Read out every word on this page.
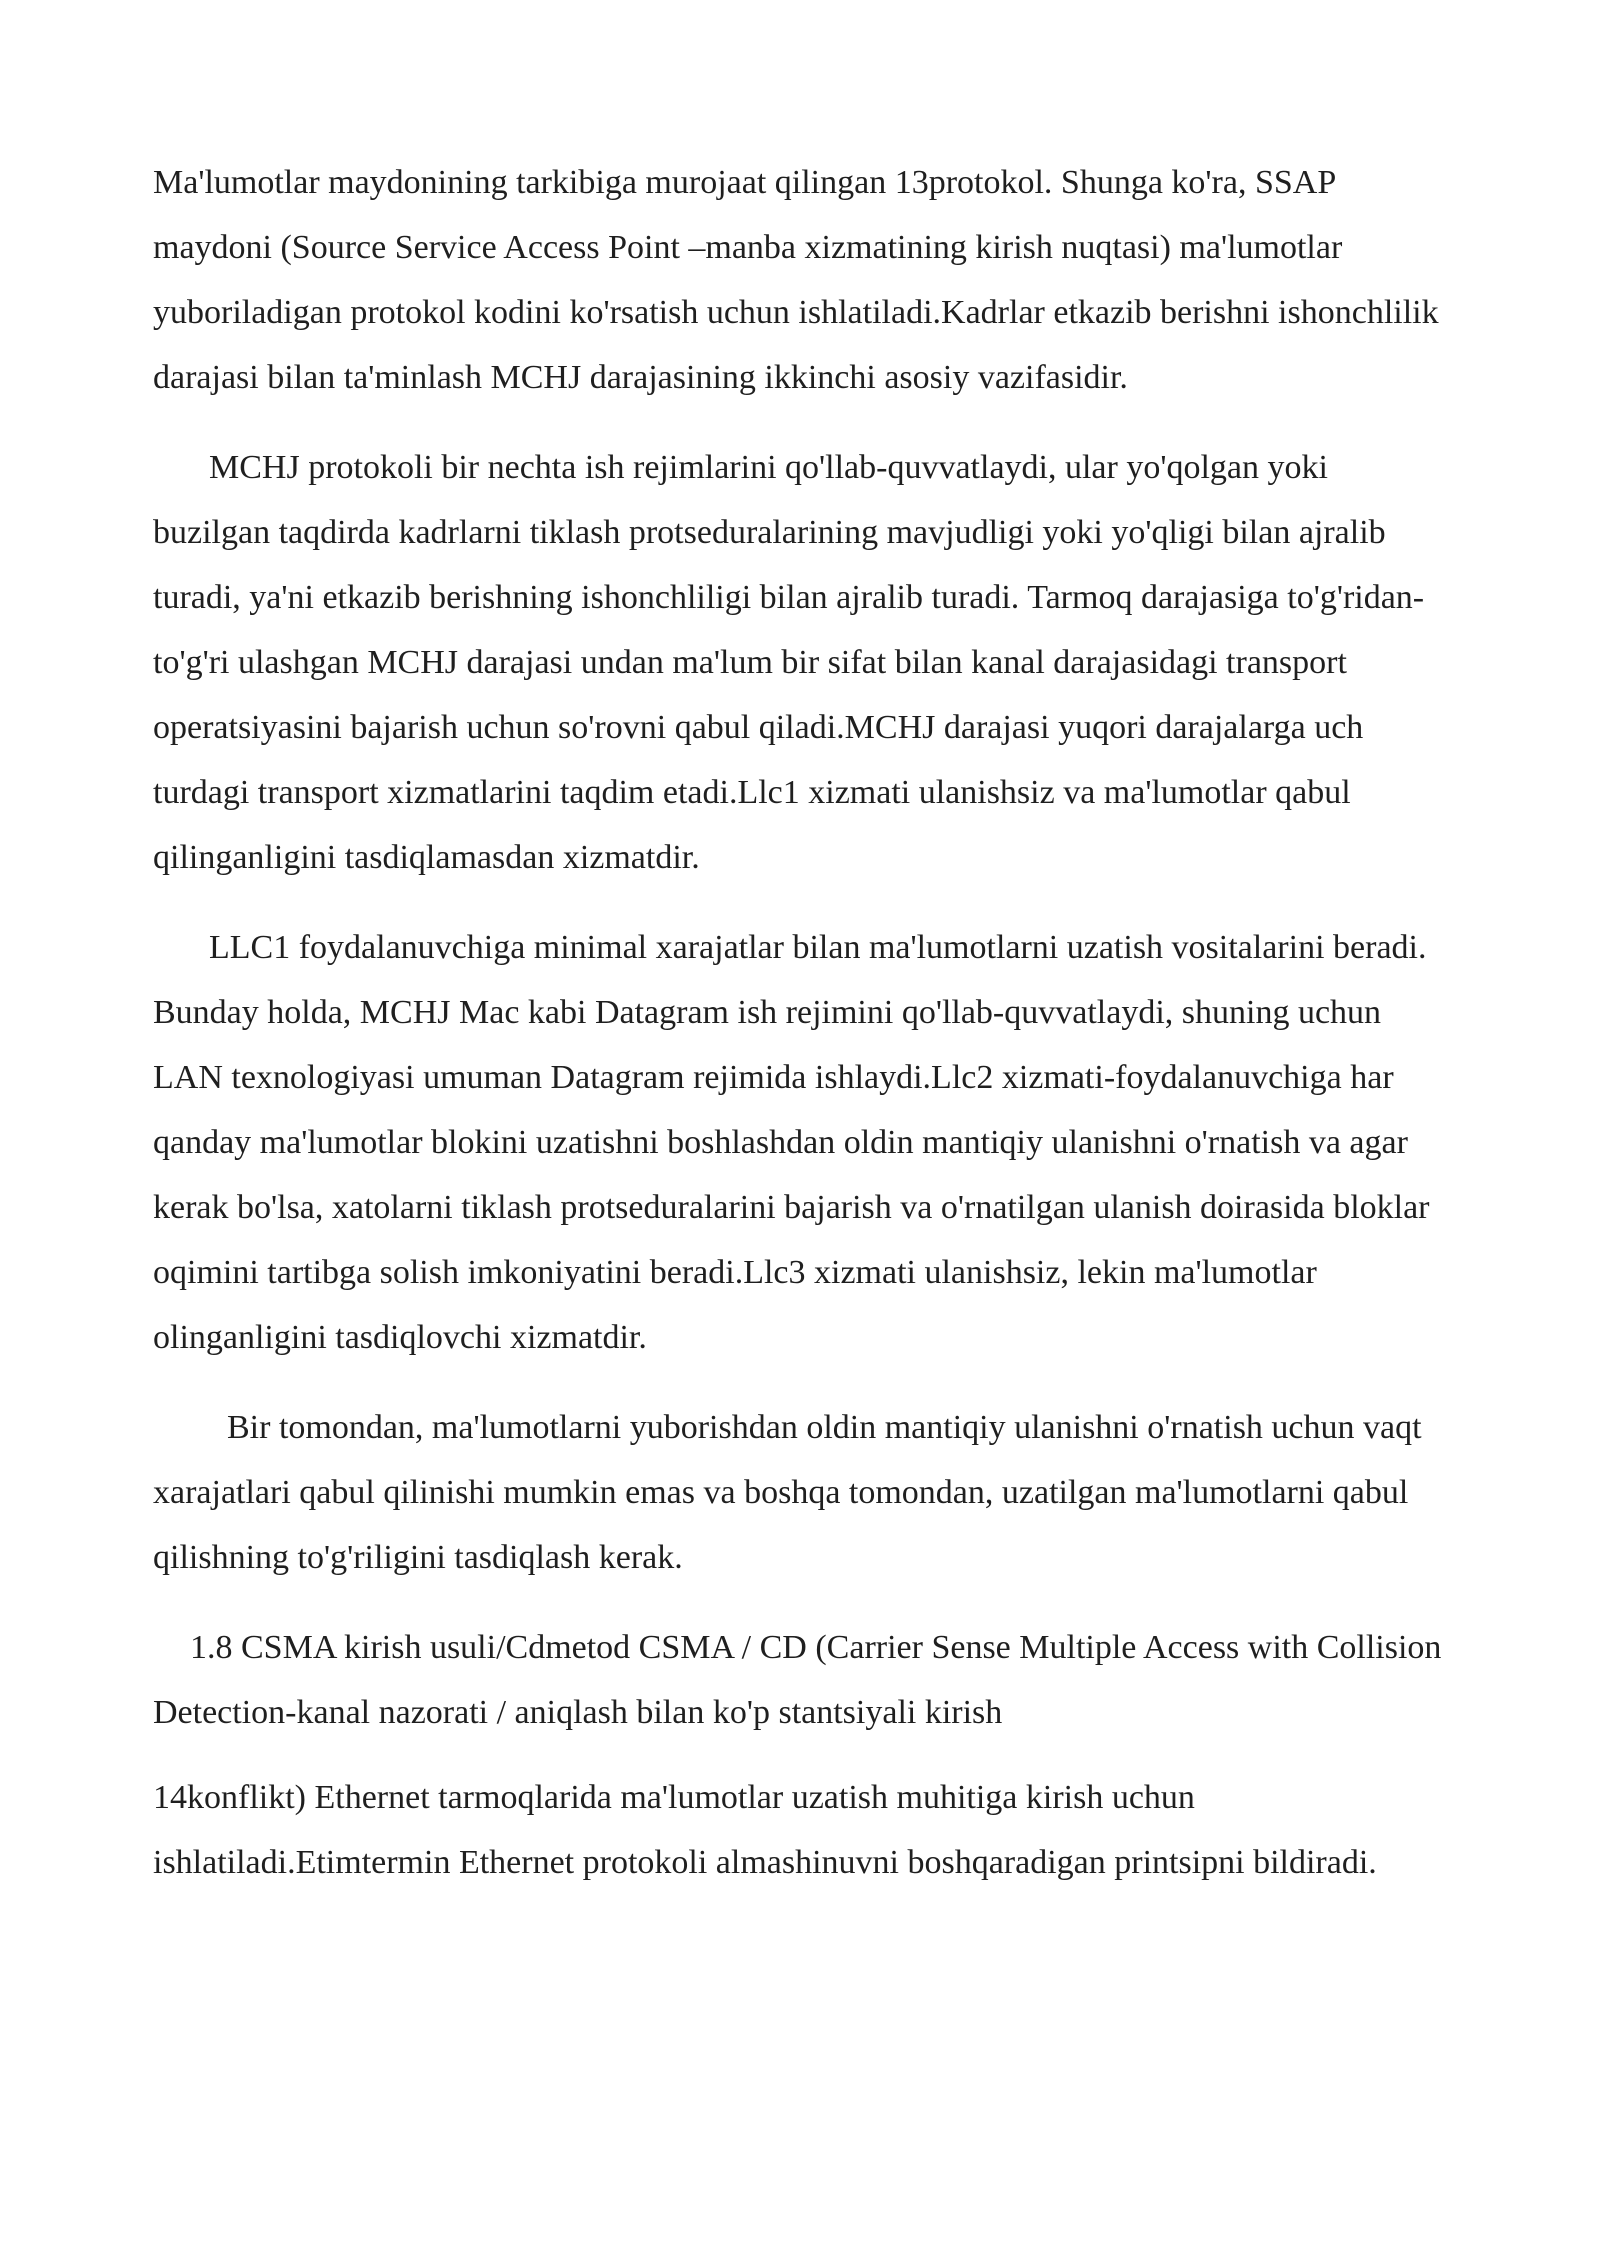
Ma'lumotlar maydonining tarkibiga murojaat qilingan 13protokol. Shunga ko'ra, SSAP maydoni (Source Service Access Point –manba xizmatining kirish nuqtasi) ma'lumotlar yuboriladigan protokol kodini ko'rsatish uchun ishlatiladi.Kadrlar etkazib berishni ishonchlilik darajasi bilan ta'minlash MCHJ darajasining ikkinchi asosiy vazifasidir.

MCHJ protokoli bir nechta ish rejimlarini qo'llab-quvvatlaydi, ular yo'qolgan yoki buzilgan taqdirda kadrlarni tiklash protseduralarining mavjudligi yoki yo'qligi bilan ajralib turadi, ya'ni etkazib berishning ishonchliligi bilan ajralib turadi. Tarmoq darajasiga to'g'ridan-to'g'ri ulashgan MCHJ darajasi undan ma'lum bir sifat bilan kanal darajasidagi transport operatsiyasini bajarish uchun so'rovni qabul qiladi.MCHJ darajasi yuqori darajalarga uch turdagi transport xizmatlarini taqdim etadi.Llc1 xizmati ulanishsiz va ma'lumotlar qabul qilinganligini tasdiqlamasdan xizmatdir.

LLC1 foydalanuvchiga minimal xarajatlar bilan ma'lumotlarni uzatish vositalarini beradi. Bunday holda, MCHJ Mac kabi Datagram ish rejimini qo'llab-quvvatlaydi, shuning uchun LAN texnologiyasi umuman Datagram rejimida ishlaydi.Llc2 xizmati-foydalanuvchiga har qanday ma'lumotlar blokini uzatishni boshlashdan oldin mantiqiy ulanishni o'rnatish va agar kerak bo'lsa, xatolarni tiklash protseduralarini bajarish va o'rnatilgan ulanish doirasida bloklar oqimini tartibga solish imkoniyatini beradi.Llc3 xizmati ulanishsiz, lekin ma'lumotlar olinganligini tasdiqlovchi xizmatdir.

Bir tomondan, ma'lumotlarni yuborishdan oldin mantiqiy ulanishni o'rnatish uchun vaqt xarajatlari qabul qilinishi mumkin emas va boshqa tomondan, uzatilgan ma'lumotlarni qabul qilishning to'g'riligini tasdiqlash kerak.

1.8 CSMA kirish usuli/Cdmetod CSMA / CD (Carrier Sense Multiple Access with Collision Detection-kanal nazorati / aniqlash bilan ko'p stantsiyali kirish

14konflikt) Ethernet tarmoqlarida ma'lumotlar uzatish muhitiga kirish uchun ishlatiladi.Etimtermin Ethernet protokoli almashinuvni boshqaradigan printsipni bildiradi.
